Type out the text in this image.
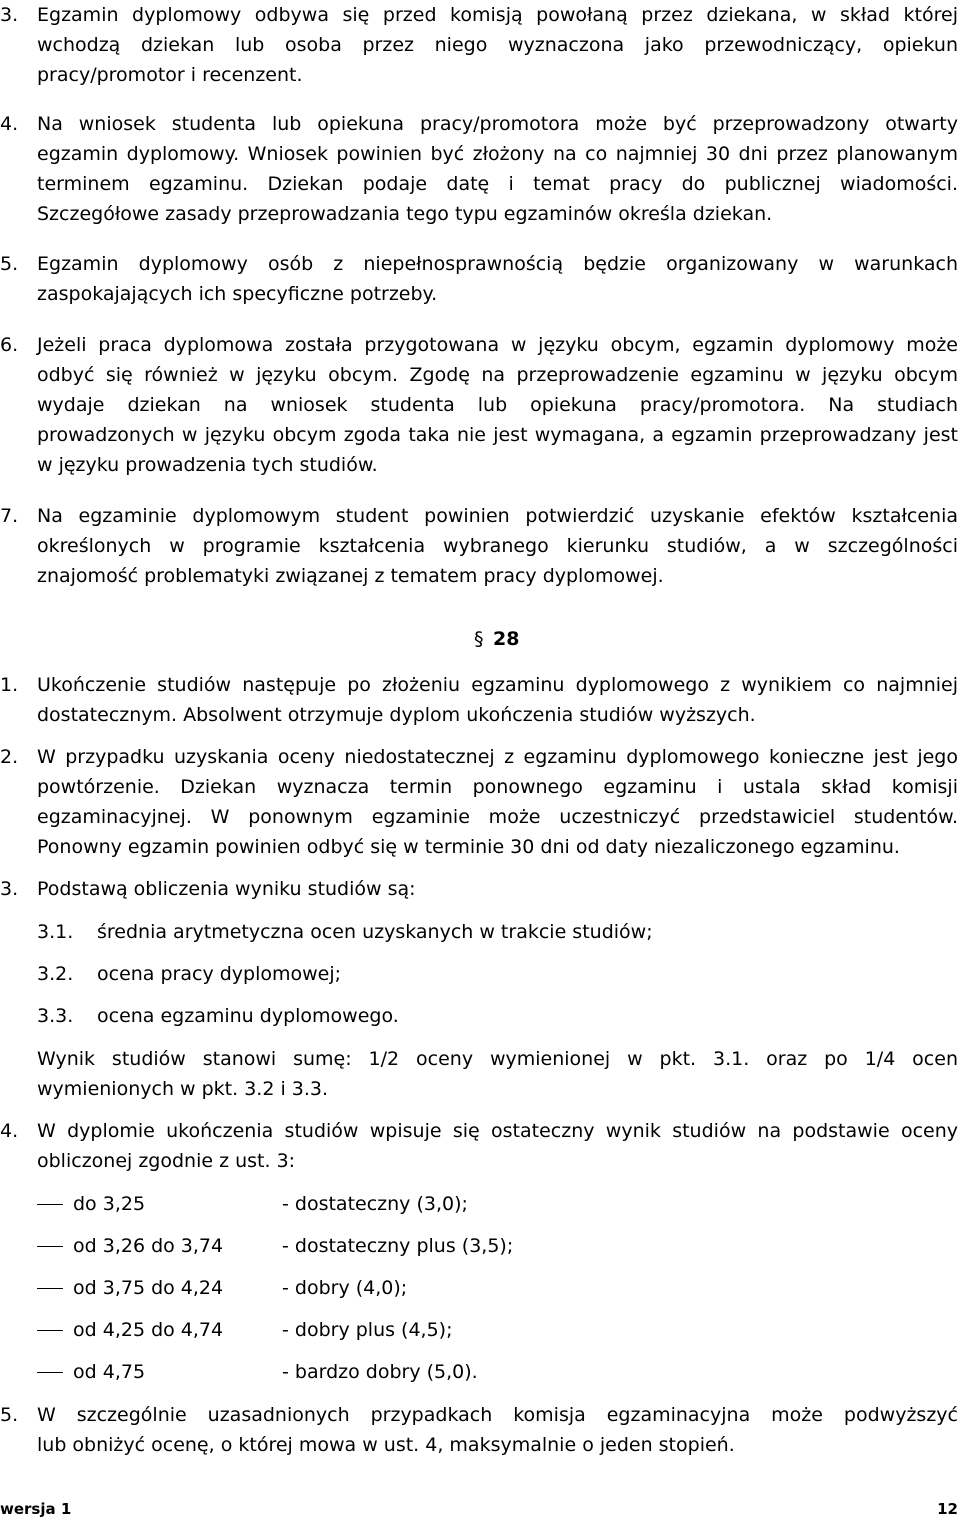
3. Egzamin dyplomowy odbywa się przed komisją powołaną przez dziekana, w skład której
wchodzą dziekan lub osoba przez niego wyznaczona jako przewodniczący, opiekun
pracy/promotor i recenzent.
4. Na wniosek studenta lub opiekuna pracy/promotora może być przeprowadzony otwarty
egzamin dyplomowy. Wniosek powinien być złożony na co najmniej 30 dni przez planowanym
terminem egzaminu. Dziekan podaje datę i temat pracy do publicznej wiadomości.
Szczegółowe zasady przeprowadzania tego typu egzaminów określa dziekan.
5. Egzamin dyplomowy osób z niepełnosprawnością będzie organizowany w warunkach
zaspokajających ich specyficzne potrzeby.
6. Jeżeli praca dyplomowa została przygotowana w języku obcym, egzamin dyplomowy może
odbyć się również w języku obcym. Zgodę na przeprowadzenie egzaminu w języku obcym
wydaje dziekan na wniosek studenta lub opiekuna pracy/promotora. Na studiach
prowadzonych w języku obcym zgoda taka nie jest wymagana, a egzamin przeprowadzany jest
w języku prowadzenia tych studiów.
7. Na egzaminie dyplomowym student powinien potwierdzić uzyskanie efektów kształcenia
określonych w programie kształcenia wybranego kierunku studiów, a w szczególności
znajomość problematyki związanej z tematem pracy dyplomowej.
§ 28
1. Ukończenie studiów następuje po złożeniu egzaminu dyplomowego z wynikiem co najmniej
dostatecznym. Absolwent otrzymuje dyplom ukończenia studiów wyższych.
2. W przypadku uzyskania oceny niedostatecznej z egzaminu dyplomowego konieczne jest jego
powtórzenie. Dziekan wyznacza termin ponownego egzaminu i ustala skład komisji
egzaminacyjnej. W ponownym egzaminie może uczestniczyć przedstawiciel studentów.
Ponowny egzamin powinien odbyć się w terminie 30 dni od daty niezaliczonego egzaminu.
3. Podstawą obliczenia wyniku studiów są:
3.1. średnia arytmetyczna ocen uzyskanych w trakcie studiów;
3.2. ocena pracy dyplomowej;
3.3. ocena egzaminu dyplomowego.
Wynik studiów stanowi sumę: 1/2 oceny wymienionej w pkt. 3.1. oraz po 1/4 ocen
wymienionych w pkt. 3.2 i 3.3.
4. W dyplomie ukończenia studiów wpisuje się ostateczny wynik studiów na podstawie oceny
obliczonej zgodnie z ust. 3:
do 3,25	- dostateczny (3,0);
od 3,26 do 3,74	- dostateczny plus (3,5);
od 3,75 do 4,24	- dobry (4,0);
od 4,25 do 4,74	- dobry plus (4,5);
od 4,75	- bardzo dobry (5,0).
5. W szczególnie uzasadnionych przypadkach komisja egzaminacyjna może podwyższyć
lub obniżyć ocenę, o której mowa w ust. 4, maksymalnie o jeden stopień.
wersja 1	12
